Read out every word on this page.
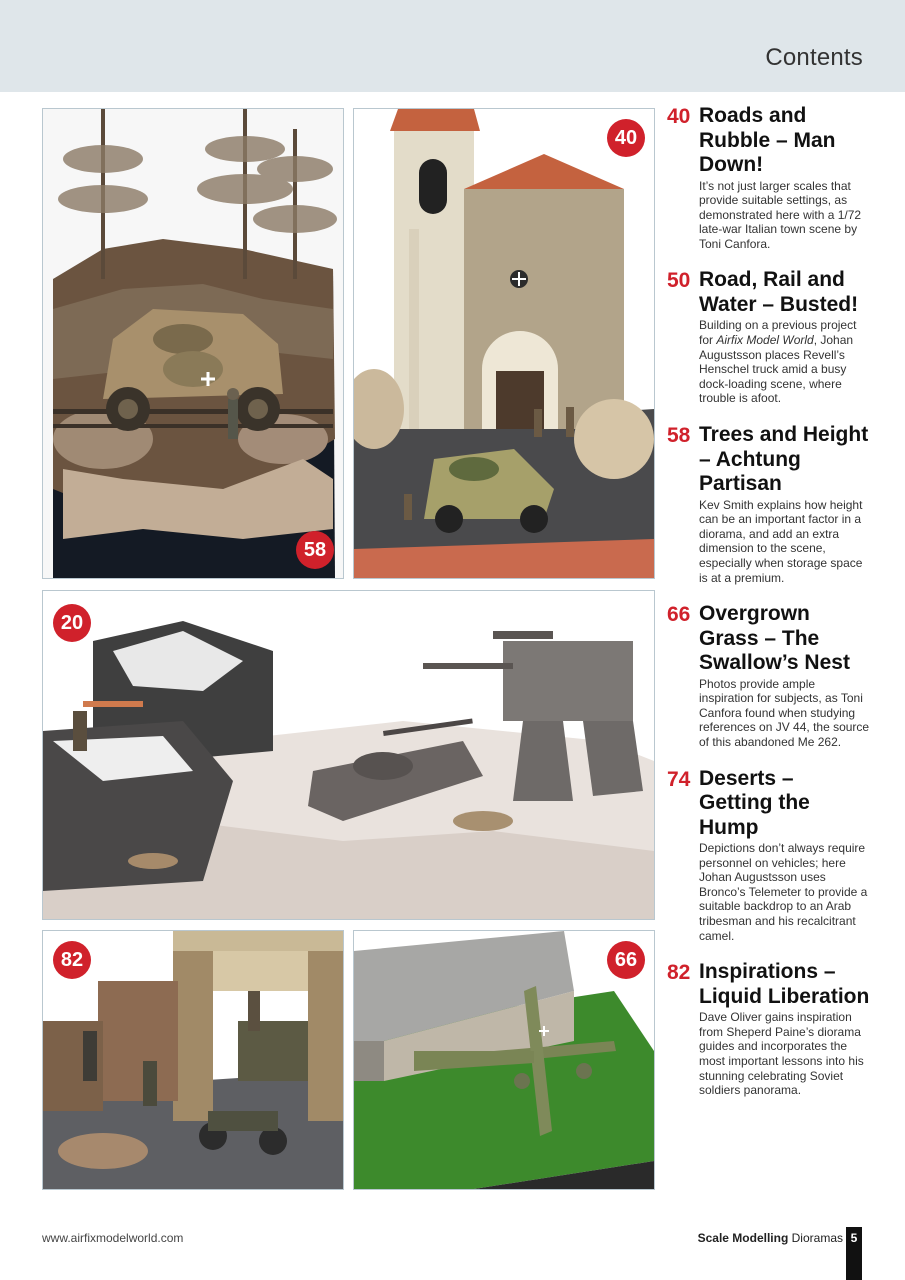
Contents
58
40
20
82	66
40 Roads and Rubble – Man Down!
It’s not just larger scales that provide suitable settings, as demonstrated here with a 1/72 late-war Italian town scene by Toni Canfora.
50 Road, Rail and Water – Busted!
Building on a previous project for Airfix Model World, Johan Augustsson places Revell’s Henschel truck amid a busy dock-loading scene, where trouble is afoot.
58 Trees and Height – Achtung Partisan
Kev Smith explains how height can be an important factor in a diorama, and add an extra dimension to the scene, especially when storage space is at a premium.
66 Overgrown Grass – The Swallow’s Nest
Photos provide ample inspiration for subjects, as Toni Canfora found when studying references on JV 44, the source of this abandoned Me 262.
74 Deserts – Getting the Hump
Depictions don’t always require personnel on vehicles; here Johan Augustsson uses Bronco’s Telemeter to provide a suitable backdrop to an Arab tribesman and his recalcitrant camel.
82 Inspirations – Liquid Liberation
Dave Oliver gains inspiration from Sheperd Paine’s diorama guides and incorporates the most important lessons into his stunning celebrating Soviet soldiers panorama.
www.airfixmodelworld.com	Scale Modelling Dioramas 5
